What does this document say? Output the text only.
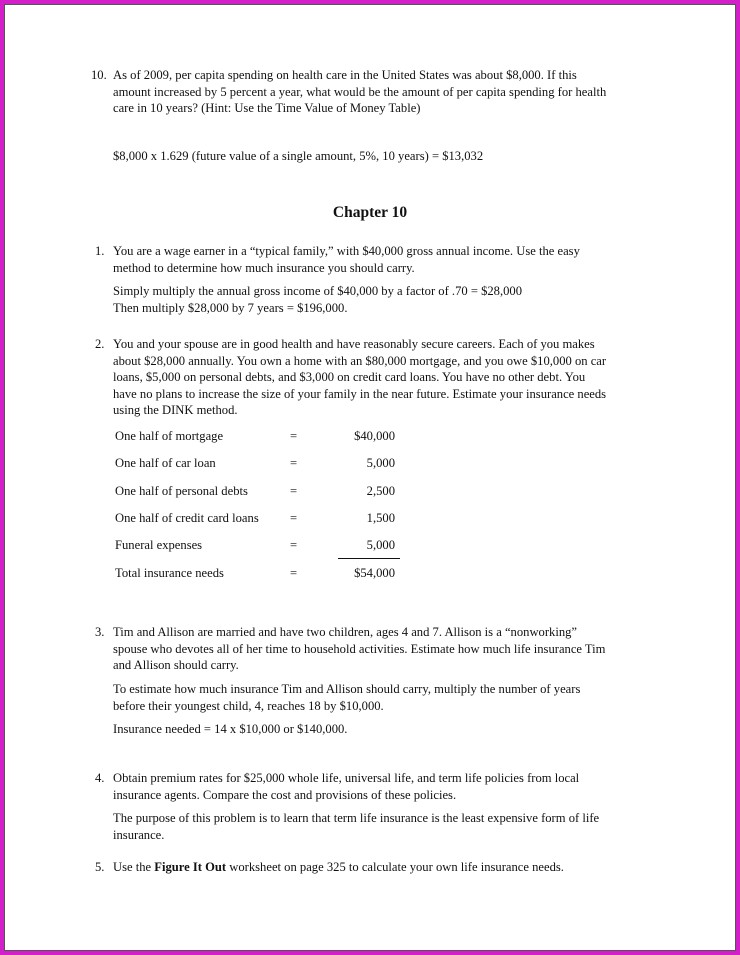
10. As of 2009, per capita spending on health care in the United States was about $8,000. If this
amount increased by 5 percent a year, what would be the amount of per capita spending for health
care in 10 years? (Hint: Use the Time Value of Money Table)
$8,000 x 1.629 (future value of a single amount, 5%, 10 years) = $13,032
Chapter 10
1. You are a wage earner in a “typical family,” with $40,000 gross annual income. Use the easy
method to determine how much insurance you should carry.
Simply multiply the annual gross income of $40,000 by a factor of .70 = $28,000
Then multiply $28,000 by 7 years = $196,000.
2. You and your spouse are in good health and have reasonably secure careers. Each of you makes
about $28,000 annually. You own a home with an $80,000 mortgage, and you owe $10,000 on car
loans, $5,000 on personal debts, and $3,000 on credit card loans. You have no other debt. You
have no plans to increase the size of your family in the near future. Estimate your insurance needs
using the DINK method.
One half of mortgage	=	$40,000
One half of car loan	=	5,000
One half of personal debts	=	2,500
One half of credit card loans =	1,500
Funeral expenses	=	5,000
Total insurance needs	=	$54,000
3. Tim and Allison are married and have two children, ages 4 and 7. Allison is a “nonworking”
spouse who devotes all of her time to household activities. Estimate how much life insurance Tim
and Allison should carry.
To estimate how much insurance Tim and Allison should carry, multiply the number of years
before their youngest child, 4, reaches 18 by $10,000.
Insurance needed = 14 x $10,000 or $140,000.
4. Obtain premium rates for $25,000 whole life, universal life, and term life policies from local
insurance agents. Compare the cost and provisions of these policies.
The purpose of this problem is to learn that term life insurance is the least expensive form of life
insurance.
5. Use the Figure It Out worksheet on page 325 to calculate your own life insurance needs.
